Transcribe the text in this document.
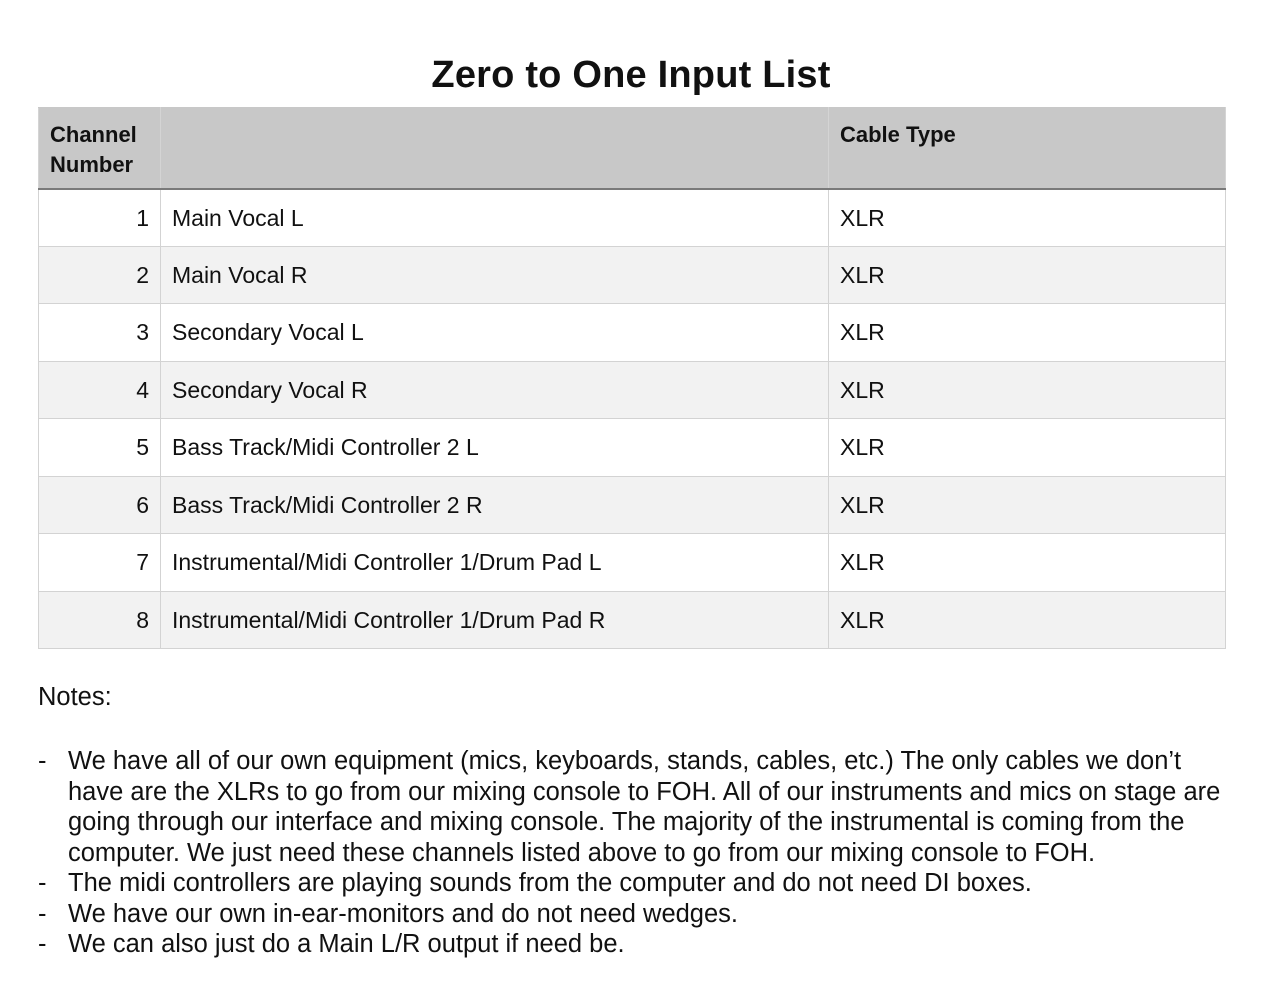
Zero to One Input List
Channel Number		Cable Type
1	Main Vocal L	XLR
2	Main Vocal R	XLR
3	Secondary Vocal L	XLR
4	Secondary Vocal R	XLR
5	Bass Track/Midi Controller 2 L	XLR
6	Bass Track/Midi Controller 2 R	XLR
7	Instrumental/Midi Controller 1/Drum Pad L	XLR
8	Instrumental/Midi Controller 1/Drum Pad R	XLR
Notes:
- We have all of our own equipment (mics, keyboards, stands, cables, etc.) The only cables we don’t have are the XLRs to go from our mixing console to FOH. All of our instruments and mics on stage are going through our interface and mixing console. The majority of the instrumental is coming from the computer. We just need these channels listed above to go from our mixing console to FOH.
- The midi controllers are playing sounds from the computer and do not need DI boxes.
- We have our own in-ear-monitors and do not need wedges.
- We can also just do a Main L/R output if need be.
